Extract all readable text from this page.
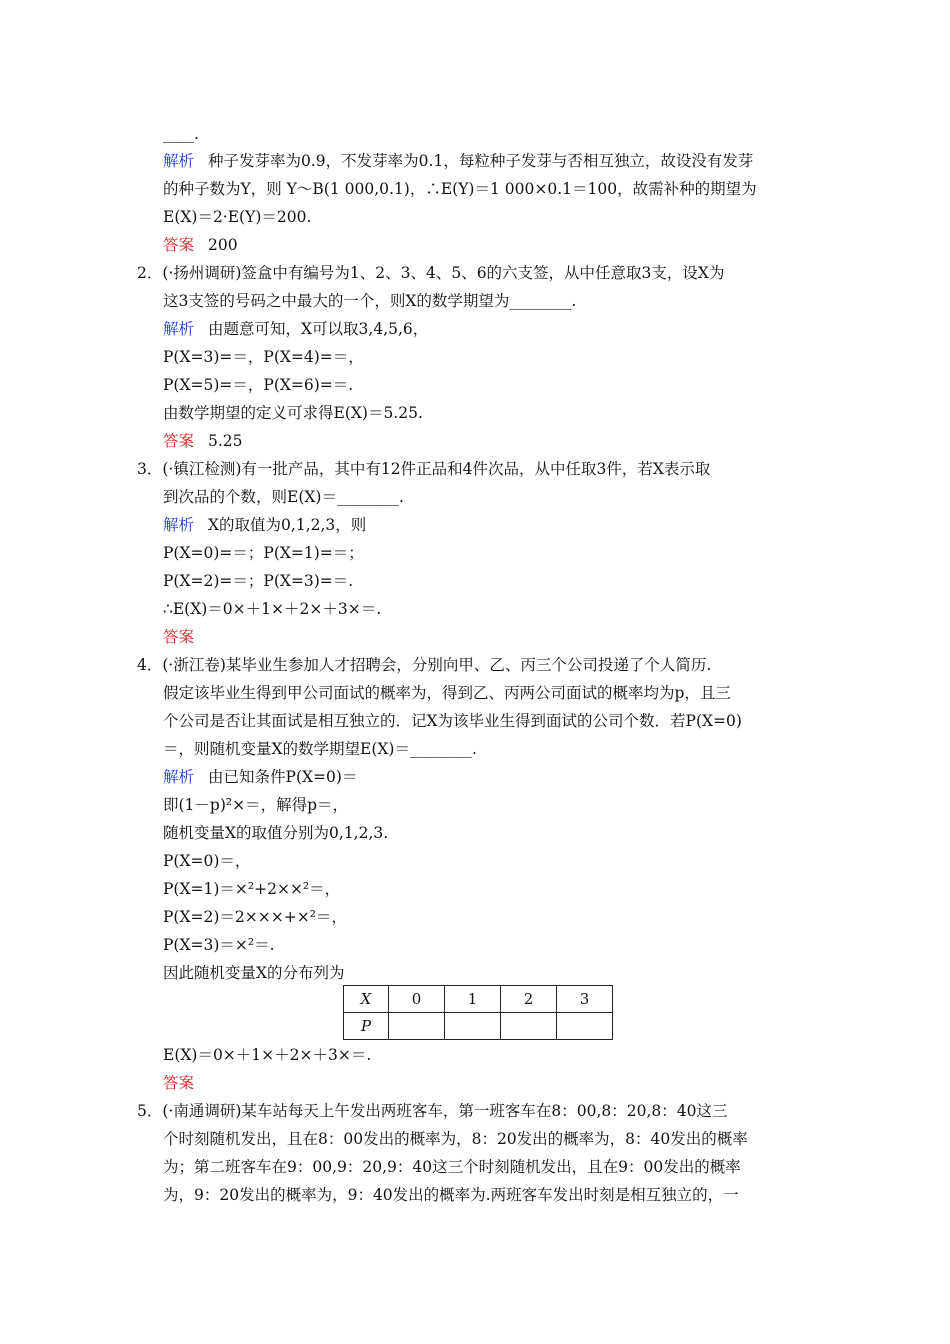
X	0	1	2	3
P				
____.
解析 种子发芽率为0.9，不发芽率为0.1，每粒种子发芽与否相互独立，故设没有发芽
的种子数为Y，则 Y～B(1 000,0.1)，∴E(Y)＝1 000×0.1＝100，故需补种的期望为
E(X)＝2·E(Y)＝200.
答案 200
2．(·扬州调研)签盒中有编号为1、2、3、4、5、6的六支签，从中任意取3支，设X为
这3支签的号码之中最大的一个，则X的数学期望为________.
解析 由题意可知，X可以取3,4,5,6，
P(X=3)=＝，P(X=4)=＝，
P(X=5)=＝，P(X=6)=＝.
由数学期望的定义可求得E(X)＝5.25.
答案 5.25
3．(·镇江检测)有一批产品，其中有12件正品和4件次品，从中任取3件，若X表示取
到次品的个数，则E(X)＝________.
解析 X的取值为0,1,2,3，则
P(X=0)=＝；P(X=1)=＝；
P(X=2)=＝；P(X=3)=＝.
∴E(X)＝0×＋1×＋2×＋3×＝.
答案
4．(·浙江卷)某毕业生参加人才招聘会，分别向甲、乙、丙三个公司投递了个人简历.
假定该毕业生得到甲公司面试的概率为，得到乙、丙两公司面试的概率均为p，且三
个公司是否让其面试是相互独立的．记X为该毕业生得到面试的公司个数．若P(X=0)
＝，则随机变量X的数学期望E(X)＝________.
解析 由已知条件P(X=0)＝
即(1－p)²×＝，解得p＝，
随机变量X的取值分别为0,1,2,3.
P(X=0)＝，
P(X=1)＝×²+2××²＝，
P(X=2)＝2×××+×²＝，
P(X=3)＝×²＝.
因此随机变量X的分布列为
E(X)＝0×＋1×＋2×＋3×＝.
答案
5．(·南通调研)某车站每天上午发出两班客车，第一班客车在8：00,8：20,8：40这三
个时刻随机发出，且在8：00发出的概率为，8：20发出的概率为，8：40发出的概率
为；第二班客车在9：00,9：20,9：40这三个时刻随机发出，且在9：00发出的概率
为，9：20发出的概率为，9：40发出的概率为.两班客车发出时刻是相互独立的，一
